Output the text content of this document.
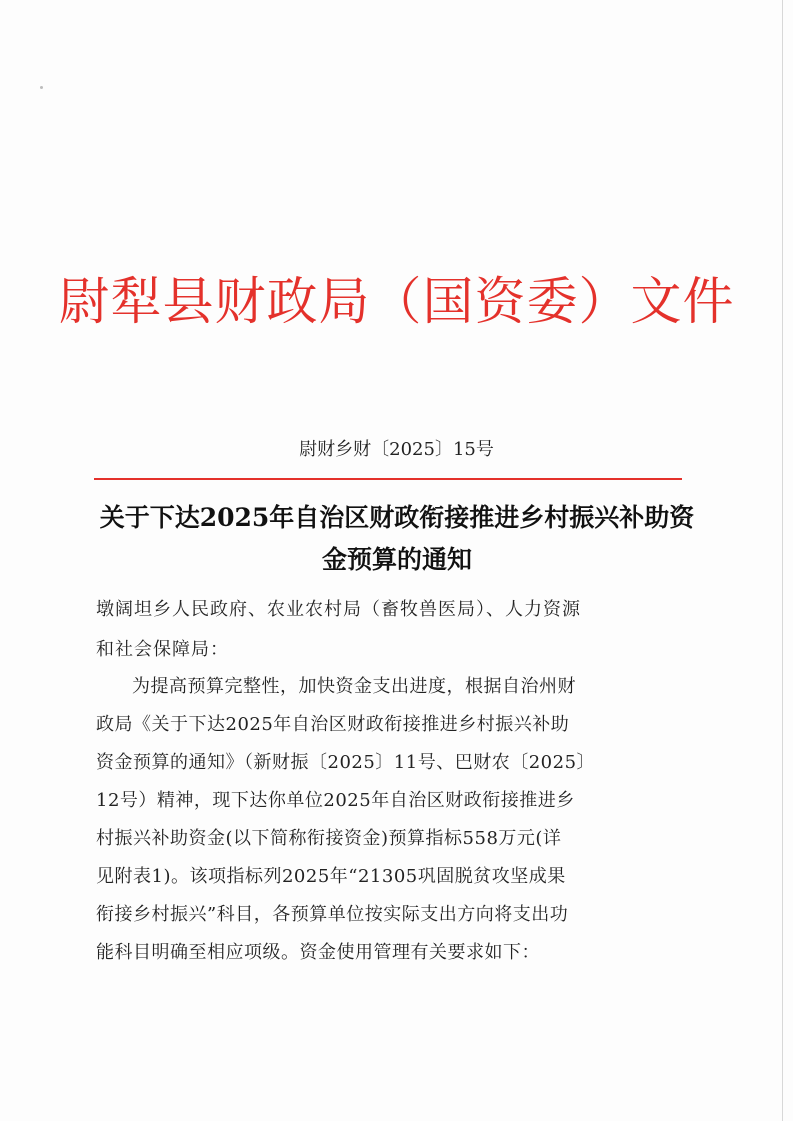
尉犁县财政局（国资委）文件
尉财乡财〔2025〕15号
关于下达2025年自治区财政衔接推进乡村振兴补助资金预算的通知
墩阔坦乡人民政府、农业农村局（畜牧兽医局）、人力资源
和社会保障局：
为提高预算完整性，加快资金支出进度，根据自治州财
政局《关于下达2025年自治区财政衔接推进乡村振兴补助
资金预算的通知》（新财振〔2025〕11号、巴财农〔2025〕
12号）精神，现下达你单位2025年自治区财政衔接推进乡
村振兴补助资金(以下简称衔接资金)预算指标558万元(详
见附表1)。该项指标列2025年“21305巩固脱贫攻坚成果
衔接乡村振兴”科目，各预算单位按实际支出方向将支出功
能科目明确至相应项级。资金使用管理有关要求如下：
